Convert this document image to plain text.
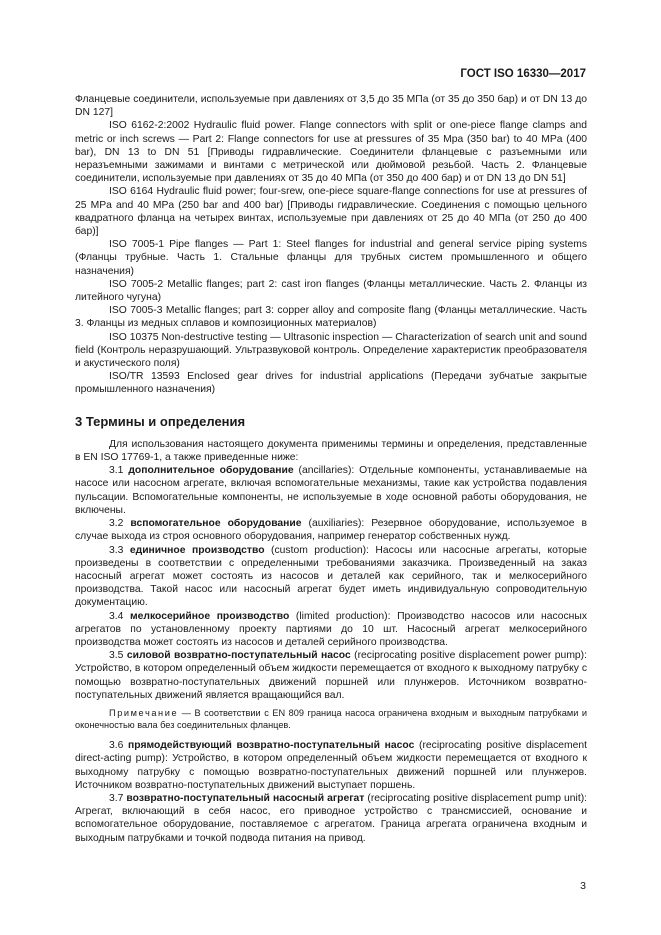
ГОСТ ISO 16330—2017

Фланцевые соединители, используемые при давлениях от 3,5 до 35 МПа (от 35 до 350 бар) и от DN 13 до DN 127]

ISO 6162-2:2002 Hydraulic fluid power. Flange connectors with split or one-piece flange clamps and metric or inch screws — Part 2: Flange connectors for use at pressures of 35 Mpa (350 bar) to 40 MPa (400 bar), DN 13 to DN 51 [Приводы гидравлические. Соединители фланцевые с разъемными или неразъемными зажимами и винтами с метрической или дюймовой резьбой. Часть 2. Фланцевые соединители, используемые при давлениях от 35 до 40 МПа (от 350 до 400 бар) и от DN 13 до DN 51]

ISO 6164 Hydraulic fluid power; four-srew, one-piece square-flange connections for use at pressures of 25 MPa and 40 MPa (250 bar and 400 bar) [Приводы гидравлические. Соединения с помощью цельного квадратного фланца на четырех винтах, используемые при давлениях от 25 до 40 МПа (от 250 до 400 бар)]

ISO 7005-1 Pipe flanges — Part 1: Steel flanges for industrial and general service piping systems (Фланцы трубные. Часть 1. Стальные фланцы для трубных систем промышленного и общего назначения)

ISO 7005-2 Metallic flanges; part 2: cast iron flanges (Фланцы металлические. Часть 2. Фланцы из литейного чугуна)

ISO 7005-3 Metallic flanges; part 3: copper alloy and composite flang (Фланцы металлические. Часть 3. Фланцы из медных сплавов и композиционных материалов)

ISO 10375 Non-destructive testing — Ultrasonic inspection — Characterization of search unit and sound field (Контроль неразрушающий. Ультразвуковой контроль. Определение характеристик преобразователя и акустического поля)

ISO/TR 13593 Enclosed gear drives for industrial applications (Передачи зубчатые закрытые промышленного назначения)

3 Термины и определения

Для использования настоящего документа применимы термины и определения, представленные в EN ISO 17769-1, а также приведенные ниже:

3.1 дополнительное оборудование (ancillaries): Отдельные компоненты, устанавливаемые на насосе или насосном агрегате, включая вспомогательные механизмы, такие как устройства подавления пульсации. Вспомогательные компоненты, не используемые в ходе основной работы оборудования, не включены.

3.2 вспомогательное оборудование (auxiliaries): Резервное оборудование, используемое в случае выхода из строя основного оборудования, например генератор собственных нужд.

3.3 единичное производство (custom production): Насосы или насосные агрегаты, которые произведены в соответствии с определенными требованиями заказчика. Произведенный на заказ насосный агрегат может состоять из насосов и деталей как серийного, так и мелкосерийного производства. Такой насос или насосный агрегат будет иметь индивидуальную сопроводительную документацию.

3.4 мелкосерийное производство (limited production): Производство насосов или насосных агрегатов по установленному проекту партиями до 10 шт. Насосный агрегат мелкосерийного производства может состоять из насосов и деталей серийного производства.

3.5 силовой возвратно-поступательный насос (reciprocating positive displacement power pump): Устройство, в котором определенный объем жидкости перемещается от входного к выходному патрубку с помощью возвратно-поступательных движений поршней или плунжеров. Источником возвратно-поступательных движений является вращающийся вал.

Примечание — В соответствии с EN 809 граница насоса ограничена входным и выходным патрубками и оконечностью вала без соединительных фланцев.

3.6 прямодействующий возвратно-поступательный насос (reciprocating positive displacement direct-acting pump): Устройство, в котором определенный объем жидкости перемещается от входного к выходному патрубку с помощью возвратно-поступательных движений поршней или плунжеров. Источником возвратно-поступательных движений выступает поршень.

3.7 возвратно-поступательный насосный агрегат (reciprocating positive displacement pump unit): Агрегат, включающий в себя насос, его приводное устройство с трансмиссией, основание и вспомогательное оборудование, поставляемое с агрегатом. Граница агрегата ограничена входным и выходным патрубками и точкой подвода питания на привод.

3
